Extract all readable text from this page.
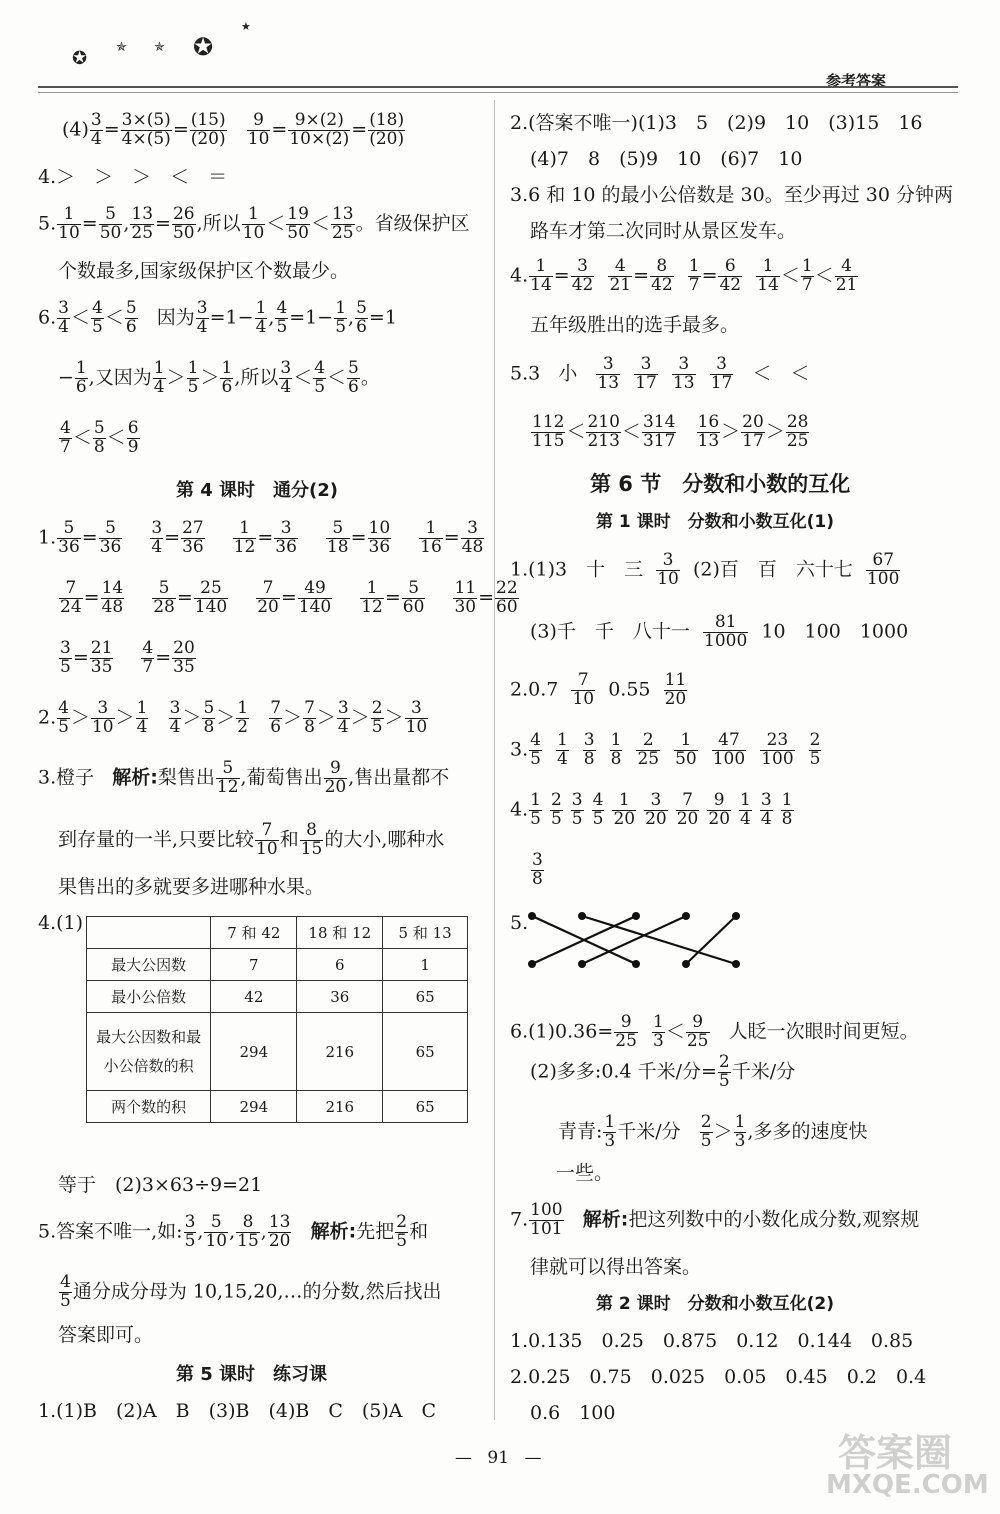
✪
✯ ✯ ✪
★
参考答案
$(4) \frac{3}{4} = \frac{3\times(5)}{4\times(5)} = \frac{(15)}{(20)}$
$\frac{9}{10} = \frac{9\times(2)}{10\times(2)} = \frac{(18)}{(20)}$
4.＞　＞　＞　＜　＝
5. $\frac{1}{10} = \frac{5}{50}$ , $\frac{13}{25} = \frac{26}{50}$ ,所以 $\frac{1}{10} < \frac{19}{50} < \frac{13}{25}$ 。省级保护区
个数最多,国家级保护区个数最少。
6. $\frac{3}{4} < \frac{4}{5} < \frac{5}{6}$ 因为 $\frac{3}{4} =1- \frac{1}{4}$ , $\frac{4}{5} =1- \frac{1}{5}$ , $\frac{5}{6} =1$
− $\frac{1}{6}$ ,又因为 $\frac{1}{4} > \frac{1}{5} > \frac{1}{6}$ ,所以 $\frac{3}{4} < \frac{4}{5} < \frac{5}{6}$ 。
$\frac{4}{7} < \frac{5}{8} < \frac{6}{9}$
第 4 课时　通分(2)
1. $\frac{5}{36} = \frac{5}{36} \frac{3}{4} = \frac{27}{36} \frac{1}{12} = \frac{3}{36} \frac{5}{18} = \frac{10}{36} \frac{1}{16} = \frac{3}{48}$
$\frac{7}{24} = \frac{14}{48} \frac{5}{28} = \frac{25}{140} \frac{7}{20} = \frac{49}{140} \frac{1}{12} = \frac{5}{60} \frac{11}{30} = \frac{22}{60}$
$\frac{3}{5} = \frac{21}{35} \frac{4}{7} = \frac{20}{35}$
2. $\frac{4}{5} > \frac{3}{10} > \frac{1}{4}$
$\frac{3}{4} > \frac{5}{8} > \frac{1}{2}$
$\frac{7}{6} > \frac{7}{8} > \frac{3}{4} > \frac{2}{5} > \frac{3}{10}$
3.橙子 解析:梨售出 $\frac{5}{12}$ ,葡萄售出 $\frac{9}{20}$ ,售出量都不
到存量的一半,只要比较 $\frac{7}{10}$ 和 $\frac{8}{15}$ 的大小,哪种水
果售出的多就要多进哪种水果。
4.(1)
		7 和 42	18 和 12	5 和 13
最大公因数	7	6	1
最小公倍数	42	36	65
最大公因数和最小公倍数的积	294	216	65
两个数的积	294	216	65
等于　(2)3×63÷9=21
5.答案不唯一,如: $\frac{3}{5}$ , $\frac{5}{10}$ , $\frac{8}{15}$ , $\frac{13}{20}$ 解析:先把 $\frac{2}{5}$ 和
$\frac{4}{5}$ 通分成分母为 10,15,20,…的分数,然后找出
答案即可。
第 5 课时　练习课
1.(1)B　(2)A　B　(3)B　(4)B　C　(5)A　C
2.(答案不唯一)(1)3　5　(2)9　10　(3)15　16
(4)7　8　(5)9　10　(6)7　10
3.6 和 10 的最小公倍数是 30。至少再过 30 分钟两
路车才第二次同时从景区发车。
4. $\frac{1}{14} = \frac{3}{42}$
$\frac{4}{21} = \frac{8}{42}$
$\frac{1}{7} = \frac{6}{42}$
$\frac{1}{14} < \frac{1}{7} < \frac{4}{21}$
五年级胜出的选手最多。
5.3 小 $\frac{3}{13}$
$\frac{3}{17}$
$\frac{3}{13}$
$\frac{3}{17}$ ＜　＜
$\frac{112}{115} < \frac{210}{213} < \frac{314}{317}$
$\frac{16}{13} > \frac{20}{17} > \frac{28}{25}$
第 6 节　分数和小数的互化
第 1 课时　分数和小数互化(1)
1.(1)3　十　三 $\frac{3}{10} (2)$百　百　六十七 $\frac{67}{100}$
(3)千　千　八十一 $\frac{81}{1000} 10$　100　1000
$2.0.7 \frac{7}{10} 0.55 \frac{11}{20}$
3. $\frac{4}{5} \frac{1}{4} \frac{3}{8} \frac{1}{8} \frac{2}{25} \frac{1}{50} \frac{47}{100} \frac{23}{100} \frac{2}{5}$
4. $\frac{1}{5} \frac{2}{5} \frac{3}{5} \frac{4}{5} \frac{1}{20} \frac{3}{20} \frac{7}{20} \frac{9}{20} \frac{1}{4} \frac{3}{4} \frac{1}{8}$
$\frac{3}{8}$
5.
$6.(1)0.36= \frac{9}{25}$
$\frac{1}{3} < \frac{9}{25}$ 人眨一次眼时间更短。
(2)多多:0.4 千米/分= $\frac{2}{5}$ 千米/分
青青: $\frac{1}{3}$ 千米/分 $\frac{2}{5} > \frac{1}{3}$ ,多多的速度快
一些。
7. $\frac{100}{101}$ 解析:把这列数中的小数化成分数,观察规
律就可以得出答案。
第 2 课时　分数和小数互化(2)
1.0.135　0.25　0.875　0.12　0.144　0.85
2.0.25　0.75　0.025　0.05　0.45　0.2　0.4
0.6　100
答案圈
MXQE.COM
— 91 —
